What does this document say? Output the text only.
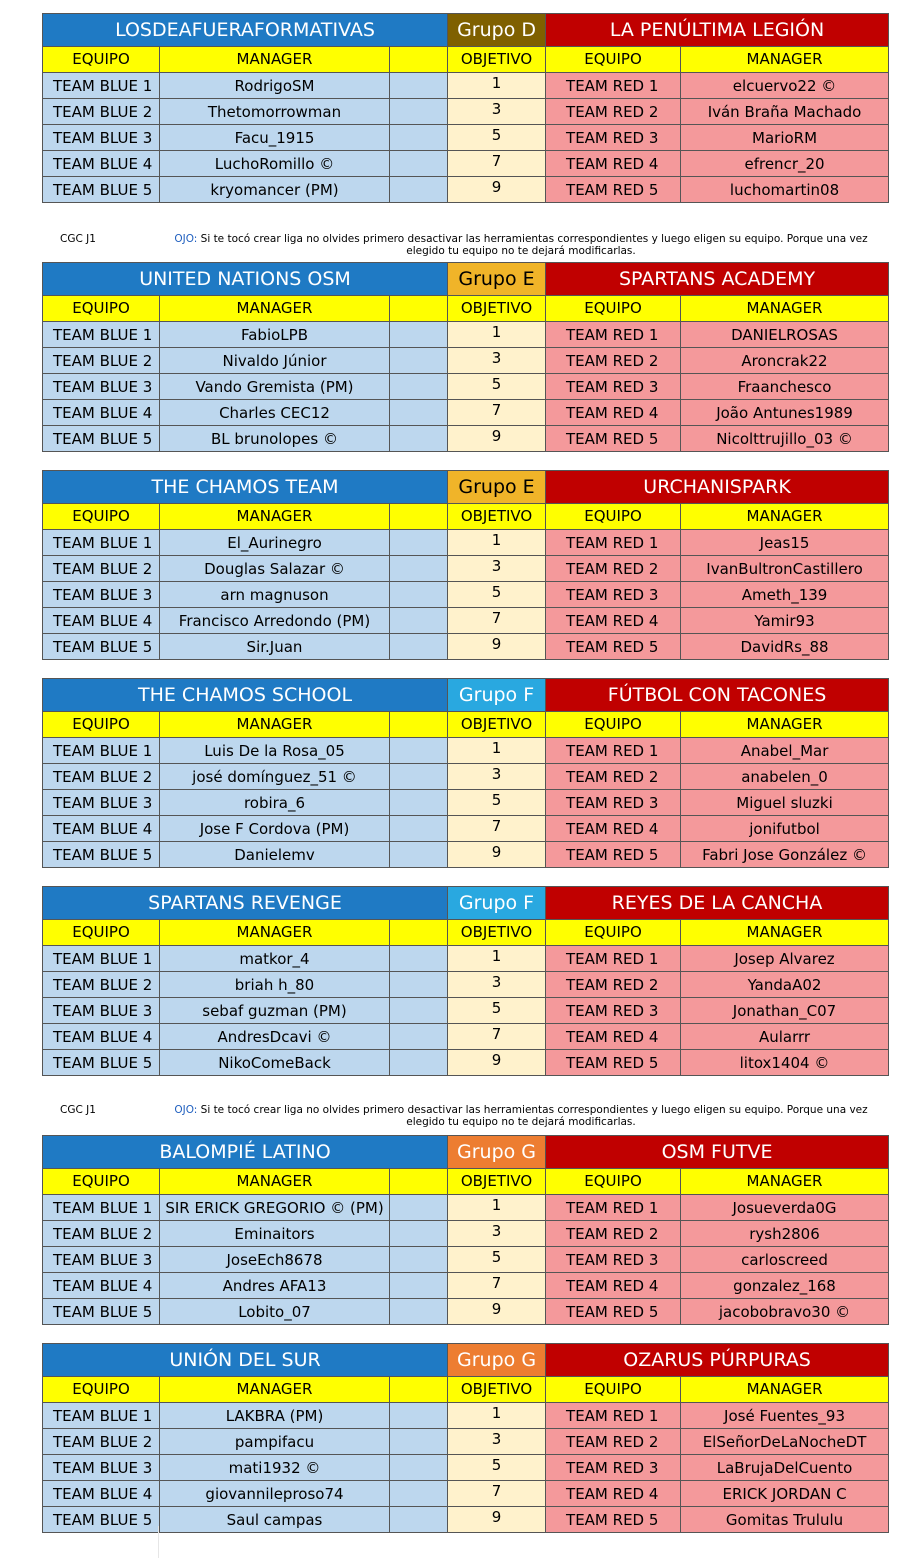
LOSDEAFUERAFORMATIVAS			Grupo D	LA PENÚLTIMA LEGIÓN	
EQUIPO	MANAGER		OBJETIVO	EQUIPO	MANAGER
TEAM BLUE 1	RodrigoSM		1	TEAM RED 1	elcuervo22 ©
TEAM BLUE 2	Thetomorrowman		3	TEAM RED 2	Iván Braña Machado
TEAM BLUE 3	Facu_1915		5	TEAM RED 3	MarioRM
TEAM BLUE 4	LuchoRomillo ©		7	TEAM RED 4	efrencr_20
TEAM BLUE 5	kryomancer (PM)		9	TEAM RED 5	luchomartin08
UNITED NATIONS OSM			Grupo E	SPARTANS ACADEMY	
EQUIPO	MANAGER		OBJETIVO	EQUIPO	MANAGER
TEAM BLUE 1	FabioLPB		1	TEAM RED 1	DANIELROSAS
TEAM BLUE 2	Nivaldo Júnior		3	TEAM RED 2	Aroncrak22
TEAM BLUE 3	Vando Gremista (PM)		5	TEAM RED 3	Fraanchesco
TEAM BLUE 4	Charles CEC12		7	TEAM RED 4	João Antunes1989
TEAM BLUE 5	BL brunolopes ©		9	TEAM RED 5	Nicolttrujillo_03 ©
THE CHAMOS TEAM			Grupo E	URCHANISPARK	
EQUIPO	MANAGER		OBJETIVO	EQUIPO	MANAGER
TEAM BLUE 1	El_Aurinegro		1	TEAM RED 1	Jeas15
TEAM BLUE 2	Douglas Salazar ©		3	TEAM RED 2	IvanBultronCastillero
TEAM BLUE 3	arn magnuson		5	TEAM RED 3	Ameth_139
TEAM BLUE 4	Francisco Arredondo (PM)		7	TEAM RED 4	Yamir93
TEAM BLUE 5	Sir.Juan		9	TEAM RED 5	DavidRs_88
THE CHAMOS SCHOOL			Grupo F	FÚTBOL CON TACONES	
EQUIPO	MANAGER		OBJETIVO	EQUIPO	MANAGER
TEAM BLUE 1	Luis De la Rosa_05		1	TEAM RED 1	Anabel_Mar
TEAM BLUE 2	josé domínguez_51 ©		3	TEAM RED 2	anabelen_0
TEAM BLUE 3	robira_6		5	TEAM RED 3	Miguel sluzki
TEAM BLUE 4	Jose F Cordova (PM)		7	TEAM RED 4	jonifutbol
TEAM BLUE 5	Danielemv		9	TEAM RED 5	Fabri Jose González ©
SPARTANS REVENGE			Grupo F	REYES DE LA CANCHA	
EQUIPO	MANAGER		OBJETIVO	EQUIPO	MANAGER
TEAM BLUE 1	matkor_4		1	TEAM RED 1	Josep Alvarez
TEAM BLUE 2	briah h_80		3	TEAM RED 2	YandaA02
TEAM BLUE 3	sebaf guzman (PM)		5	TEAM RED 3	Jonathan_C07
TEAM BLUE 4	AndresDcavi ©		7	TEAM RED 4	Aularrr
TEAM BLUE 5	NikoComeBack		9	TEAM RED 5	litox1404 ©
BALOMPIÉ LATINO			Grupo G	OSM FUTVE	
EQUIPO	MANAGER		OBJETIVO	EQUIPO	MANAGER
TEAM BLUE 1	SIR ERICK GREGORIO © (PM)		1	TEAM RED 1	Josueverda0G
TEAM BLUE 2	Eminaitors		3	TEAM RED 2	rysh2806
TEAM BLUE 3	JoseEch8678		5	TEAM RED 3	carloscreed
TEAM BLUE 4	Andres AFA13		7	TEAM RED 4	gonzalez_168
TEAM BLUE 5	Lobito_07		9	TEAM RED 5	jacobobravo30 ©
UNIÓN DEL SUR			Grupo G	OZARUS PÚRPURAS	
EQUIPO	MANAGER		OBJETIVO	EQUIPO	MANAGER
TEAM BLUE 1	LAKBRA (PM)		1	TEAM RED 1	José Fuentes_93
TEAM BLUE 2	pampifacu		3	TEAM RED 2	ElSeñorDeLaNocheDT
TEAM BLUE 3	mati1932 ©		5	TEAM RED 3	LaBrujaDelCuento
TEAM BLUE 4	giovannileproso74		7	TEAM RED 4	ERICK JORDAN C
TEAM BLUE 5	Saul campas		9	TEAM RED 5	Gomitas Trululu
CGC J1	OJO: Si te tocó crear liga no olvides primero desactivar las herramientas correspondientes y luego eligen su equipo. Porque una vez elegido tu equipo no te dejará modificarlas.
CGC J1	OJO: Si te tocó crear liga no olvides primero desactivar las herramientas correspondientes y luego eligen su equipo. Porque una vez elegido tu equipo no te dejará modificarlas.
